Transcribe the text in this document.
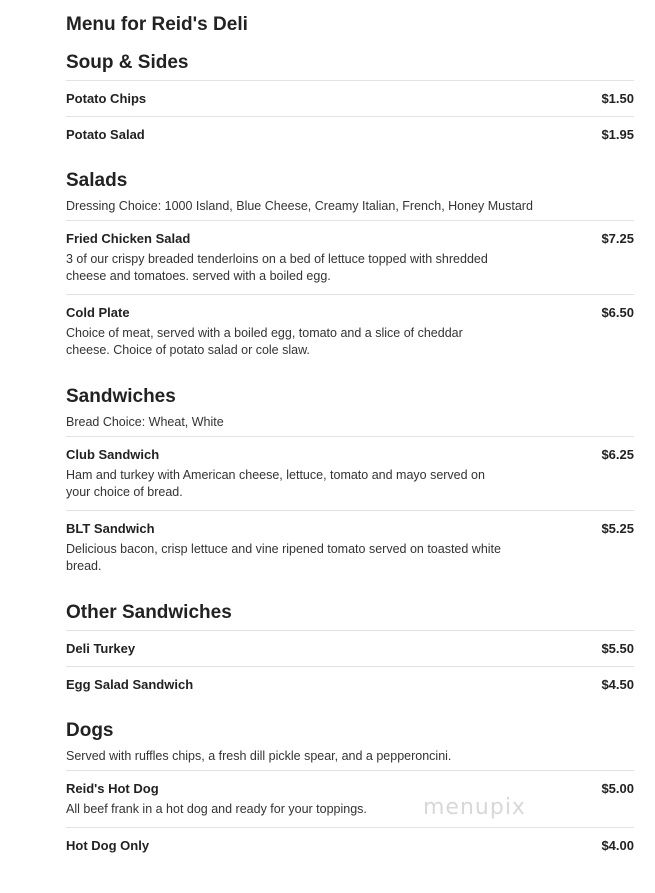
Menu for Reid's Deli
Soup & Sides
Potato Chips	$1.50
Potato Salad	$1.95
Salads
Dressing Choice: 1000 Island, Blue Cheese, Creamy Italian, French, Honey Mustard
Fried Chicken Salad	$7.25
3 of our crispy breaded tenderloins on a bed of lettuce topped with shredded cheese and tomatoes. served with a boiled egg.
Cold Plate	$6.50
Choice of meat, served with a boiled egg, tomato and a slice of cheddar cheese. Choice of potato salad or cole slaw.
Sandwiches
Bread Choice: Wheat, White
Club Sandwich	$6.25
Ham and turkey with American cheese, lettuce, tomato and mayo served on your choice of bread.
BLT Sandwich	$5.25
Delicious bacon, crisp lettuce and vine ripened tomato served on toasted white bread.
Other Sandwiches
Deli Turkey	$5.50
Egg Salad Sandwich	$4.50
Dogs
Served with ruffles chips, a fresh dill pickle spear, and a pepperoncini.
Reid's Hot Dog	$5.00
All beef frank in a hot dog and ready for your toppings.
Hot Dog Only	$4.00
menupix
